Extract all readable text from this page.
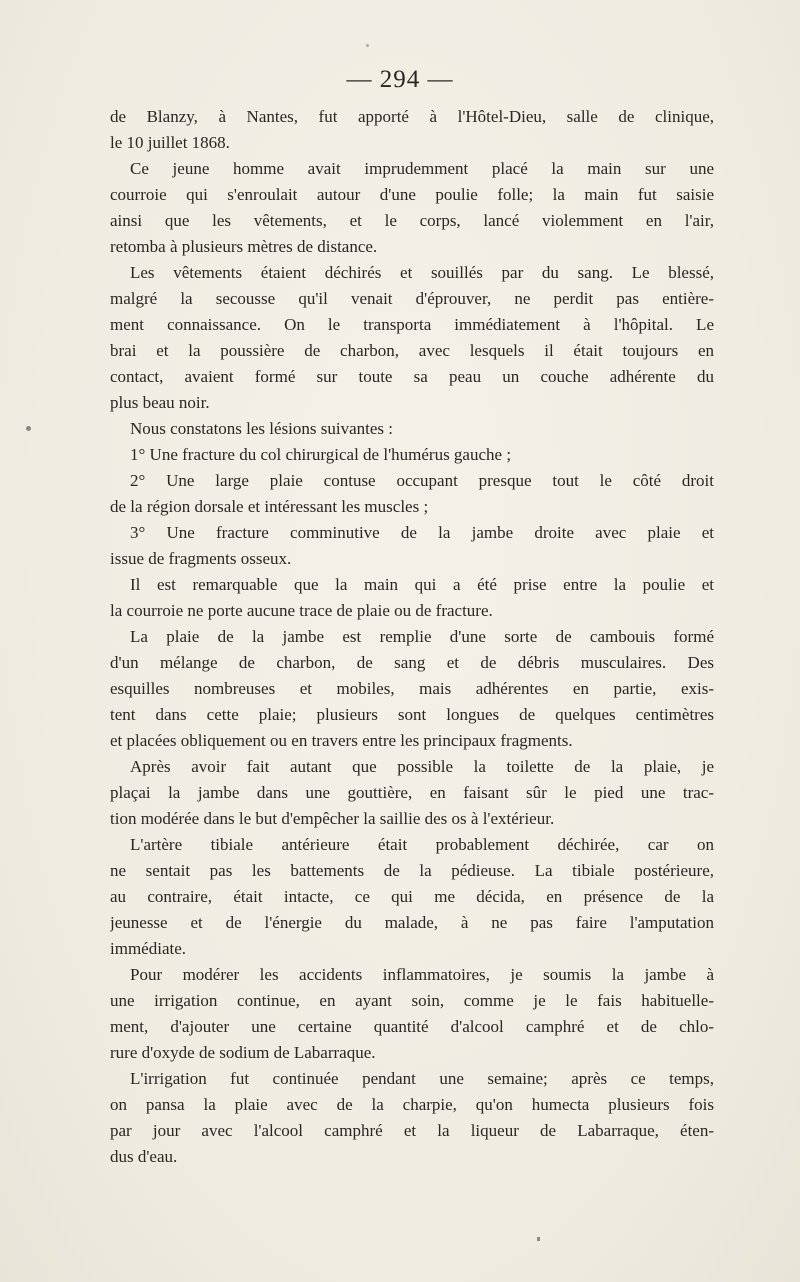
— 294 —
de Blanzy, à Nantes, fut apporté à l'Hôtel-Dieu, salle de clinique,
le 10 juillet 1868.
Ce jeune homme avait imprudemment placé la main sur une
courroie qui s'enroulait autour d'une poulie folle; la main fut saisie
ainsi que les vêtements, et le corps, lancé violemment en l'air,
retomba à plusieurs mètres de distance.
Les vêtements étaient déchirés et souillés par du sang. Le blessé,
malgré la secousse qu'il venait d'éprouver, ne perdit pas entière-
ment connaissance. On le transporta immédiatement à l'hôpital. Le
brai et la poussière de charbon, avec lesquels il était toujours en
contact, avaient formé sur toute sa peau un couche adhérente du
plus beau noir.
Nous constatons les lésions suivantes :
1° Une fracture du col chirurgical de l'humérus gauche ;
2° Une large plaie contuse occupant presque tout le côté droit
de la région dorsale et intéressant les muscles ;
3° Une fracture comminutive de la jambe droite avec plaie et
issue de fragments osseux.
Il est remarquable que la main qui a été prise entre la poulie et
la courroie ne porte aucune trace de plaie ou de fracture.
La plaie de la jambe est remplie d'une sorte de cambouis formé
d'un mélange de charbon, de sang et de débris musculaires. Des
esquilles nombreuses et mobiles, mais adhérentes en partie, exis-
tent dans cette plaie; plusieurs sont longues de quelques centimètres
et placées obliquement ou en travers entre les principaux fragments.
Après avoir fait autant que possible la toilette de la plaie, je
plaçai la jambe dans une gouttière, en faisant sûr le pied une trac-
tion modérée dans le but d'empêcher la saillie des os à l'extérieur.
L'artère tibiale antérieure était probablement déchirée, car on
ne sentait pas les battements de la pédieuse. La tibiale postérieure,
au contraire, était intacte, ce qui me décida, en présence de la
jeunesse et de l'énergie du malade, à ne pas faire l'amputation
immédiate.
Pour modérer les accidents inflammatoires, je soumis la jambe à
une irrigation continue, en ayant soin, comme je le fais habituelle-
ment, d'ajouter une certaine quantité d'alcool camphré et de chlo-
rure d'oxyde de sodium de Labarraque.
L'irrigation fut continuée pendant une semaine; après ce temps,
on pansa la plaie avec de la charpie, qu'on humecta plusieurs fois
par jour avec l'alcool camphré et la liqueur de Labarraque, éten-
dus d'eau.
